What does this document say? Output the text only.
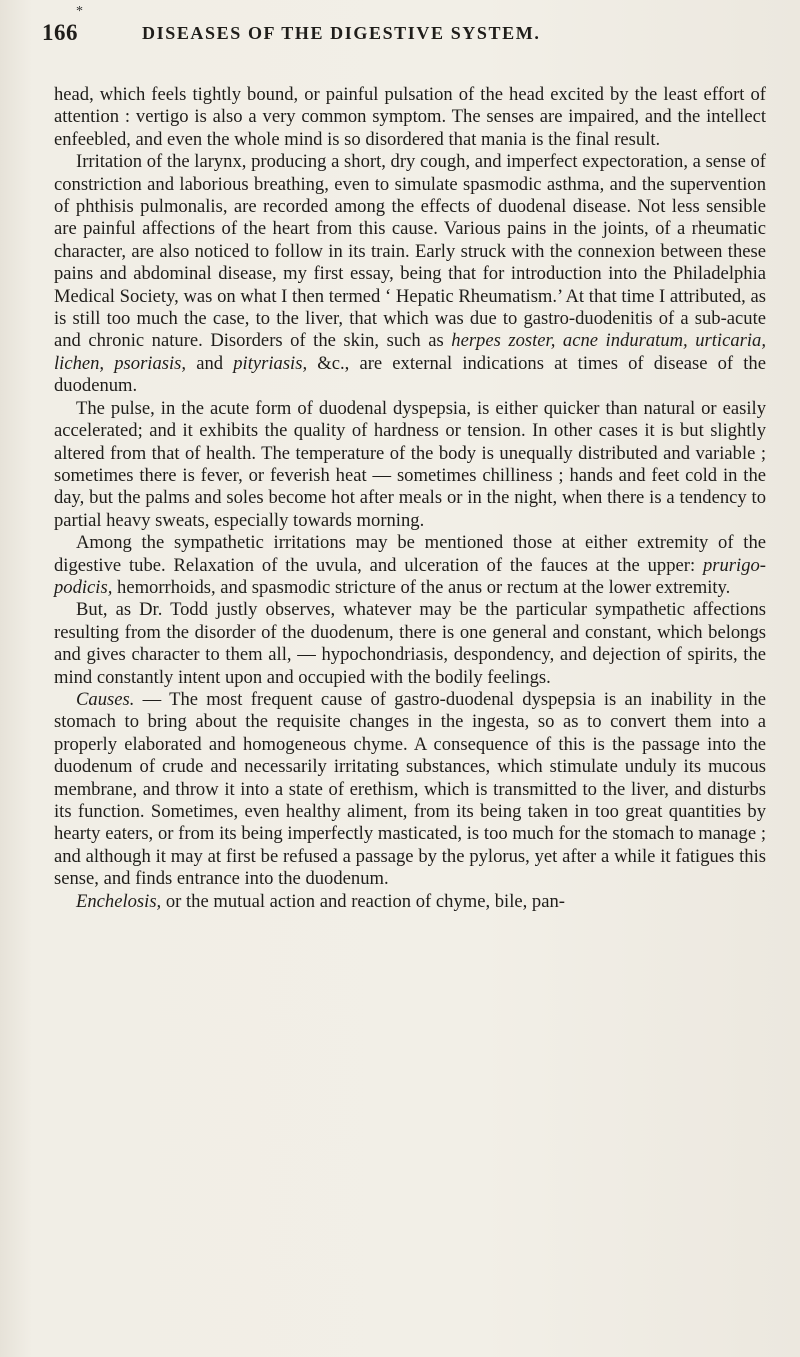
*
166	DISEASES OF THE DIGESTIVE SYSTEM.

head, which feels tightly bound, or painful pulsation of the head excited by the least effort of attention : vertigo is also a very common symptom. The senses are impaired, and the intellect enfeebled, and even the whole mind is so disordered that mania is the final result.

Irritation of the larynx, producing a short, dry cough, and imperfect expectoration, a sense of constriction and laborious breathing, even to simulate spasmodic asthma, and the supervention of phthisis pulmonalis, are recorded among the effects of duodenal disease. Not less sensible are painful affections of the heart from this cause. Various pains in the joints, of a rheumatic character, are also noticed to follow in its train. Early struck with the connexion between these pains and abdominal disease, my first essay, being that for introduction into the Philadelphia Medical Society, was on what I then termed ‘ Hepatic Rheumatism.’ At that time I attributed, as is still too much the case, to the liver, that which was due to gastro-duodenitis of a sub-acute and chronic nature. Disorders of the skin, such as herpes zoster, acne induratum, urticaria, lichen, psoriasis, and pityriasis, &c., are external indications at times of disease of the duodenum.

The pulse, in the acute form of duodenal dyspepsia, is either quicker than natural or easily accelerated; and it exhibits the quality of hardness or tension. In other cases it is but slightly altered from that of health. The temperature of the body is unequally distributed and variable ; sometimes there is fever, or feverish heat — sometimes chilliness ; hands and feet cold in the day, but the palms and soles become hot after meals or in the night, when there is a tendency to partial heavy sweats, especially towards morning.

Among the sympathetic irritations may be mentioned those at either extremity of the digestive tube. Relaxation of the uvula, and ulceration of the fauces at the upper: prurigo-podicis, hemorrhoids, and spasmodic stricture of the anus or rectum at the lower extremity.

But, as Dr. Todd justly observes, whatever may be the particular sympathetic affections resulting from the disorder of the duodenum, there is one general and constant, which belongs and gives character to them all, — hypochondriasis, despondency, and dejection of spirits, the mind constantly intent upon and occupied with the bodily feelings.

Causes. — The most frequent cause of gastro-duodenal dyspepsia is an inability in the stomach to bring about the requisite changes in the ingesta, so as to convert them into a properly elaborated and homogeneous chyme. A consequence of this is the passage into the duodenum of crude and necessarily irritating substances, which stimulate unduly its mucous membrane, and throw it into a state of erethism, which is transmitted to the liver, and disturbs its function. Sometimes, even healthy aliment, from its being taken in too great quantities by hearty eaters, or from its being imperfectly masticated, is too much for the stomach to manage ; and although it may at first be refused a passage by the pylorus, yet after a while it fatigues this sense, and finds entrance into the duodenum.

Enchelosis, or the mutual action and reaction of chyme, bile, pan-
